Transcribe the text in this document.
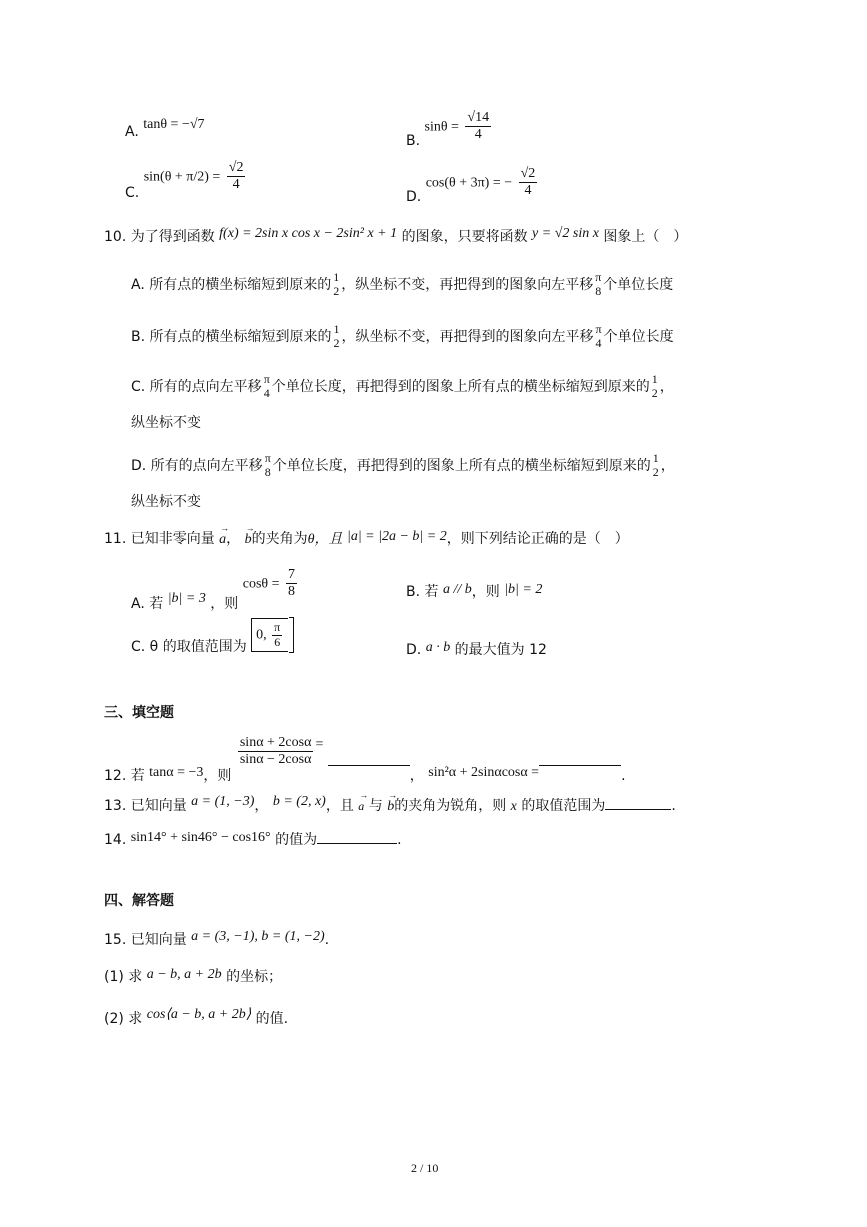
A. tanθ = −√7
B. $\sin\theta = \frac{√14}{4}$
C. $\sin(\theta + \pi/2) = \frac{√2}{4}$
D. cos(θ + 3π) = − $\frac{√2}{4}$
10. 为了得到函数 f(x) = 2sin x cos x − 2sin² x + 1 的图象，只要将函数 y = √2 sin x 图象上（　）
A. 所有点的横坐标缩短到原来的 1
2 ，纵坐标不变，再把得到的图象向左平移 π
8 个单位长度
B. 所有点的横坐标缩短到原来的 1
2 ，纵坐标不变，再把得到的图象向左平移 π
4 个单位长度
C. 所有的点向左平移 π
4 个单位长度，再把得到的图象上所有点的横坐标缩短到原来的 1
2 ，
纵坐标不变
D. 所有的点向左平移 π
8 个单位长度，再把得到的图象上所有点的横坐标缩短到原来的 1
2 ，
纵坐标不变
11. 已知非零向量 → a， → b的夹角为θ，且 |a| = |2a − b| = 2，则下列结论正确的是（　）
A. 若 |b| = 3 ，则 $\cos\theta = \frac{7}{8}$	B. 若 a // b，则 |b| = 2
C. θ 的取值范围为 0, $\frac{\pi}{6}$

D. a · b 的最大值为 12
三、填空题
12. 若 tanα = −3，则
$\frac{\sin\alpha + 2\cos\alpha}{\sin\alpha - 2\cos\alpha}$ = ， sin²α + 2sinαcosα =	.
13. 已知向量 a = (1, −3)， b = (2, x)，且 → a 与 → b的夹角为锐角，则 x 的取值范围为	.
14. sin14° + sin46° − cos16° 的值为	.
四、解答题
15. 已知向量 a = (3, −1), b = (1, −2).
(1) 求 a − b, a + 2b 的坐标；
(2) 求 cos⟨a − b, a + 2b⟩ 的值.
2 / 10
